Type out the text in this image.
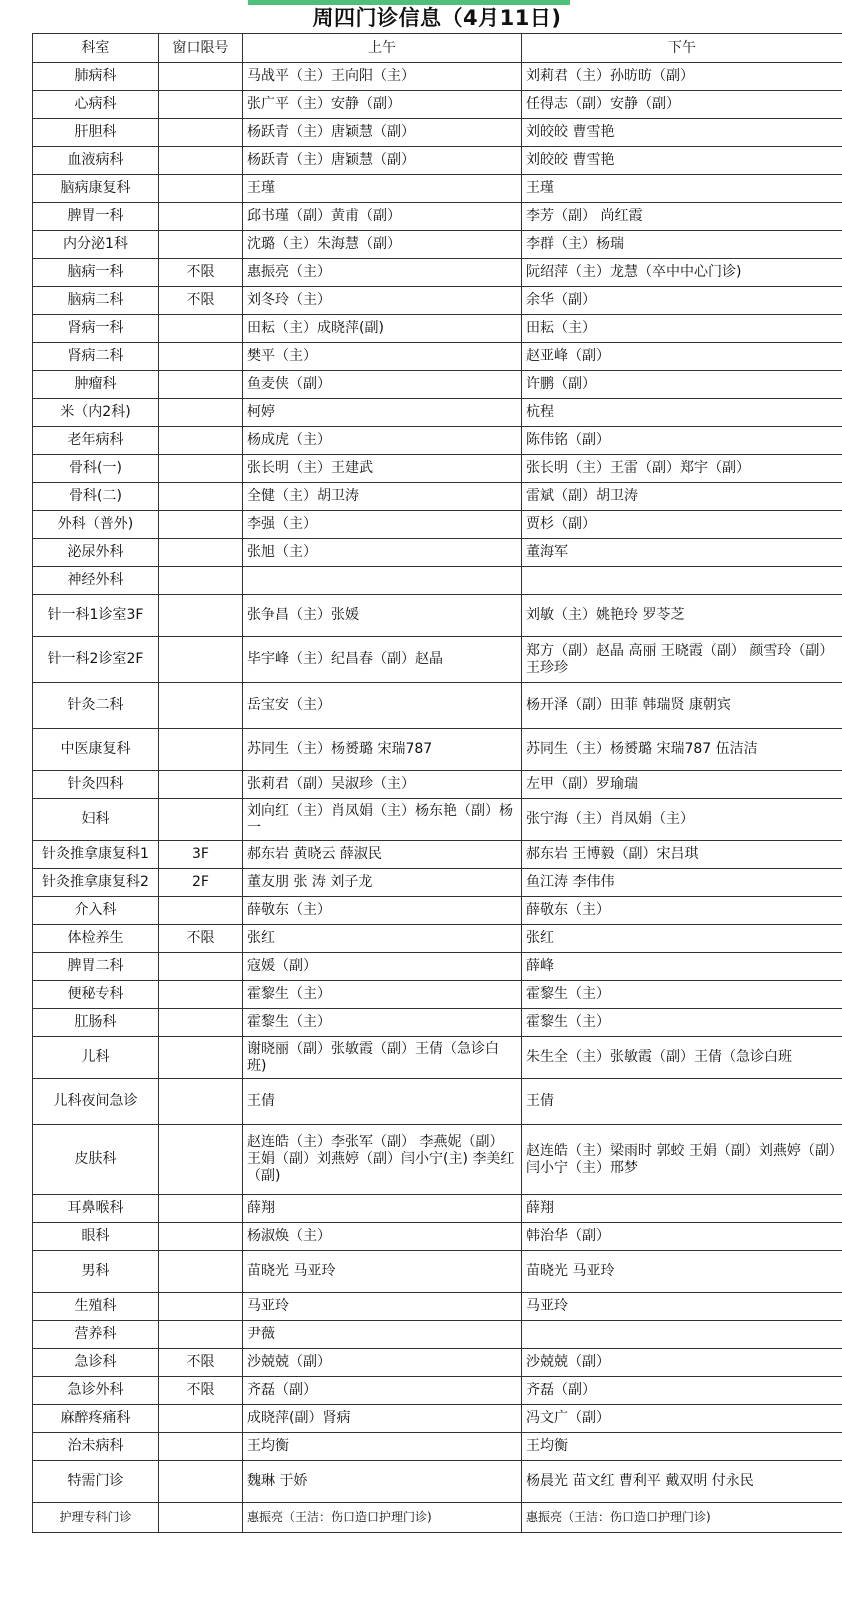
周四门诊信息（4月11日)
科室	窗口限号	上午	下午
肺病科		马战平（主）王向阳（主）	刘莉君（主）孙昉昉（副）
心病科		张广平（主）安静（副）	任得志（副）安静（副）
肝胆科		杨跃青（主）唐颖慧（副）	刘皎皎 曹雪艳
血液病科		杨跃青（主）唐颖慧（副）	刘皎皎 曹雪艳
脑病康复科		王瑾	王瑾
脾胃一科		邱书瑾（副）黄甫（副）	李芳（副） 尚红霞
内分泌1科		沈璐（主）朱海慧（副）	李群（主）杨瑞
脑病一科	不限	惠振亮（主）	阮绍萍（主）龙慧（卒中中心门诊)
脑病二科	不限	刘冬玲（主）	余华（副）
肾病一科		田耘（主）成晓萍(副)	田耘（主）
肾病二科		樊平（主）	赵亚峰（副）
肿瘤科		鱼麦侠（副）	许鹏（副）
米（内2科)		柯婷	杭程
老年病科		杨成虎（主）	陈伟铭（副）
骨科(一)		张长明（主）王建武	张长明（主）王雷（副）郑宇（副）
骨科(二)		全健（主）胡卫涛	雷斌（副）胡卫涛
外科（普外)		李强（主）	贾杉（副）
泌尿外科		张旭（主）	董海军
神经外科			
针一科1诊室3F		张争昌（主）张媛	刘敏（主）姚艳玲 罗苓芝
针一科2诊室2F		毕宇峰（主）纪昌春（副）赵晶	郑方（副）赵晶 高丽 王晓霞（副） 颜雪玲（副）王珍珍
针灸二科		岳宝安（主）	杨开泽（副）田菲 韩瑞贤 康朝宾
中医康复科		苏同生（主）杨赟璐 宋瑞787	苏同生（主）杨赟璐 宋瑞787 伍洁洁
针灸四科		张莉君（副）吴淑珍（主）	左甲（副）罗瑜瑞
妇科		刘向红（主）肖凤娟（主）杨东艳（副）杨一	张宁海（主）肖凤娟（主）
针灸推拿康复科1	3F	郝东岩 黄晓云 薛淑民	郝东岩 王博毅（副）宋吕琪
针灸推拿康复科2	2F	董友朋 张 涛 刘子龙	鱼江涛 李伟伟
介入科		薛敬东（主）	薛敬东（主）
体检养生	不限	张红	张红
脾胃二科		寇媛（副）	薛峰
便秘专科		霍黎生（主）	霍黎生（主）
肛肠科		霍黎生（主）	霍黎生（主）
儿科		谢晓丽（副）张敏霞（副）王倩（急诊白班)	朱生全（主）张敏霞（副）王倩（急诊白班
儿科夜间急诊		王倩	王倩
皮肤科		赵连皓（主）李张军（副） 李燕妮（副）王娟（副）刘燕婷（副）闫小宁(主) 李美红（副)	赵连皓（主）梁雨时 郭蛟 王娟（副）刘燕婷（副）闫小宁（主）邢梦
耳鼻喉科		薛翔	薛翔
眼科		杨淑焕（主）	韩治华（副）
男科		苗晓光 马亚玲	苗晓光 马亚玲
生殖科		马亚玲	马亚玲
营养科		尹薇	
急诊科	不限	沙兢兢（副）	沙兢兢（副）
急诊外科	不限	齐磊（副）	齐磊（副）
麻醉疼痛科		成晓萍(副）肾病	冯文广（副）
治未病科		王均衡	王均衡
特需门诊		魏琳 于娇	杨晨光 苗文红 曹利平 戴双明 付永民
护理专科门诊		惠振亮（王洁：伤口造口护理门诊)	惠振亮（王洁：伤口造口护理门诊)
